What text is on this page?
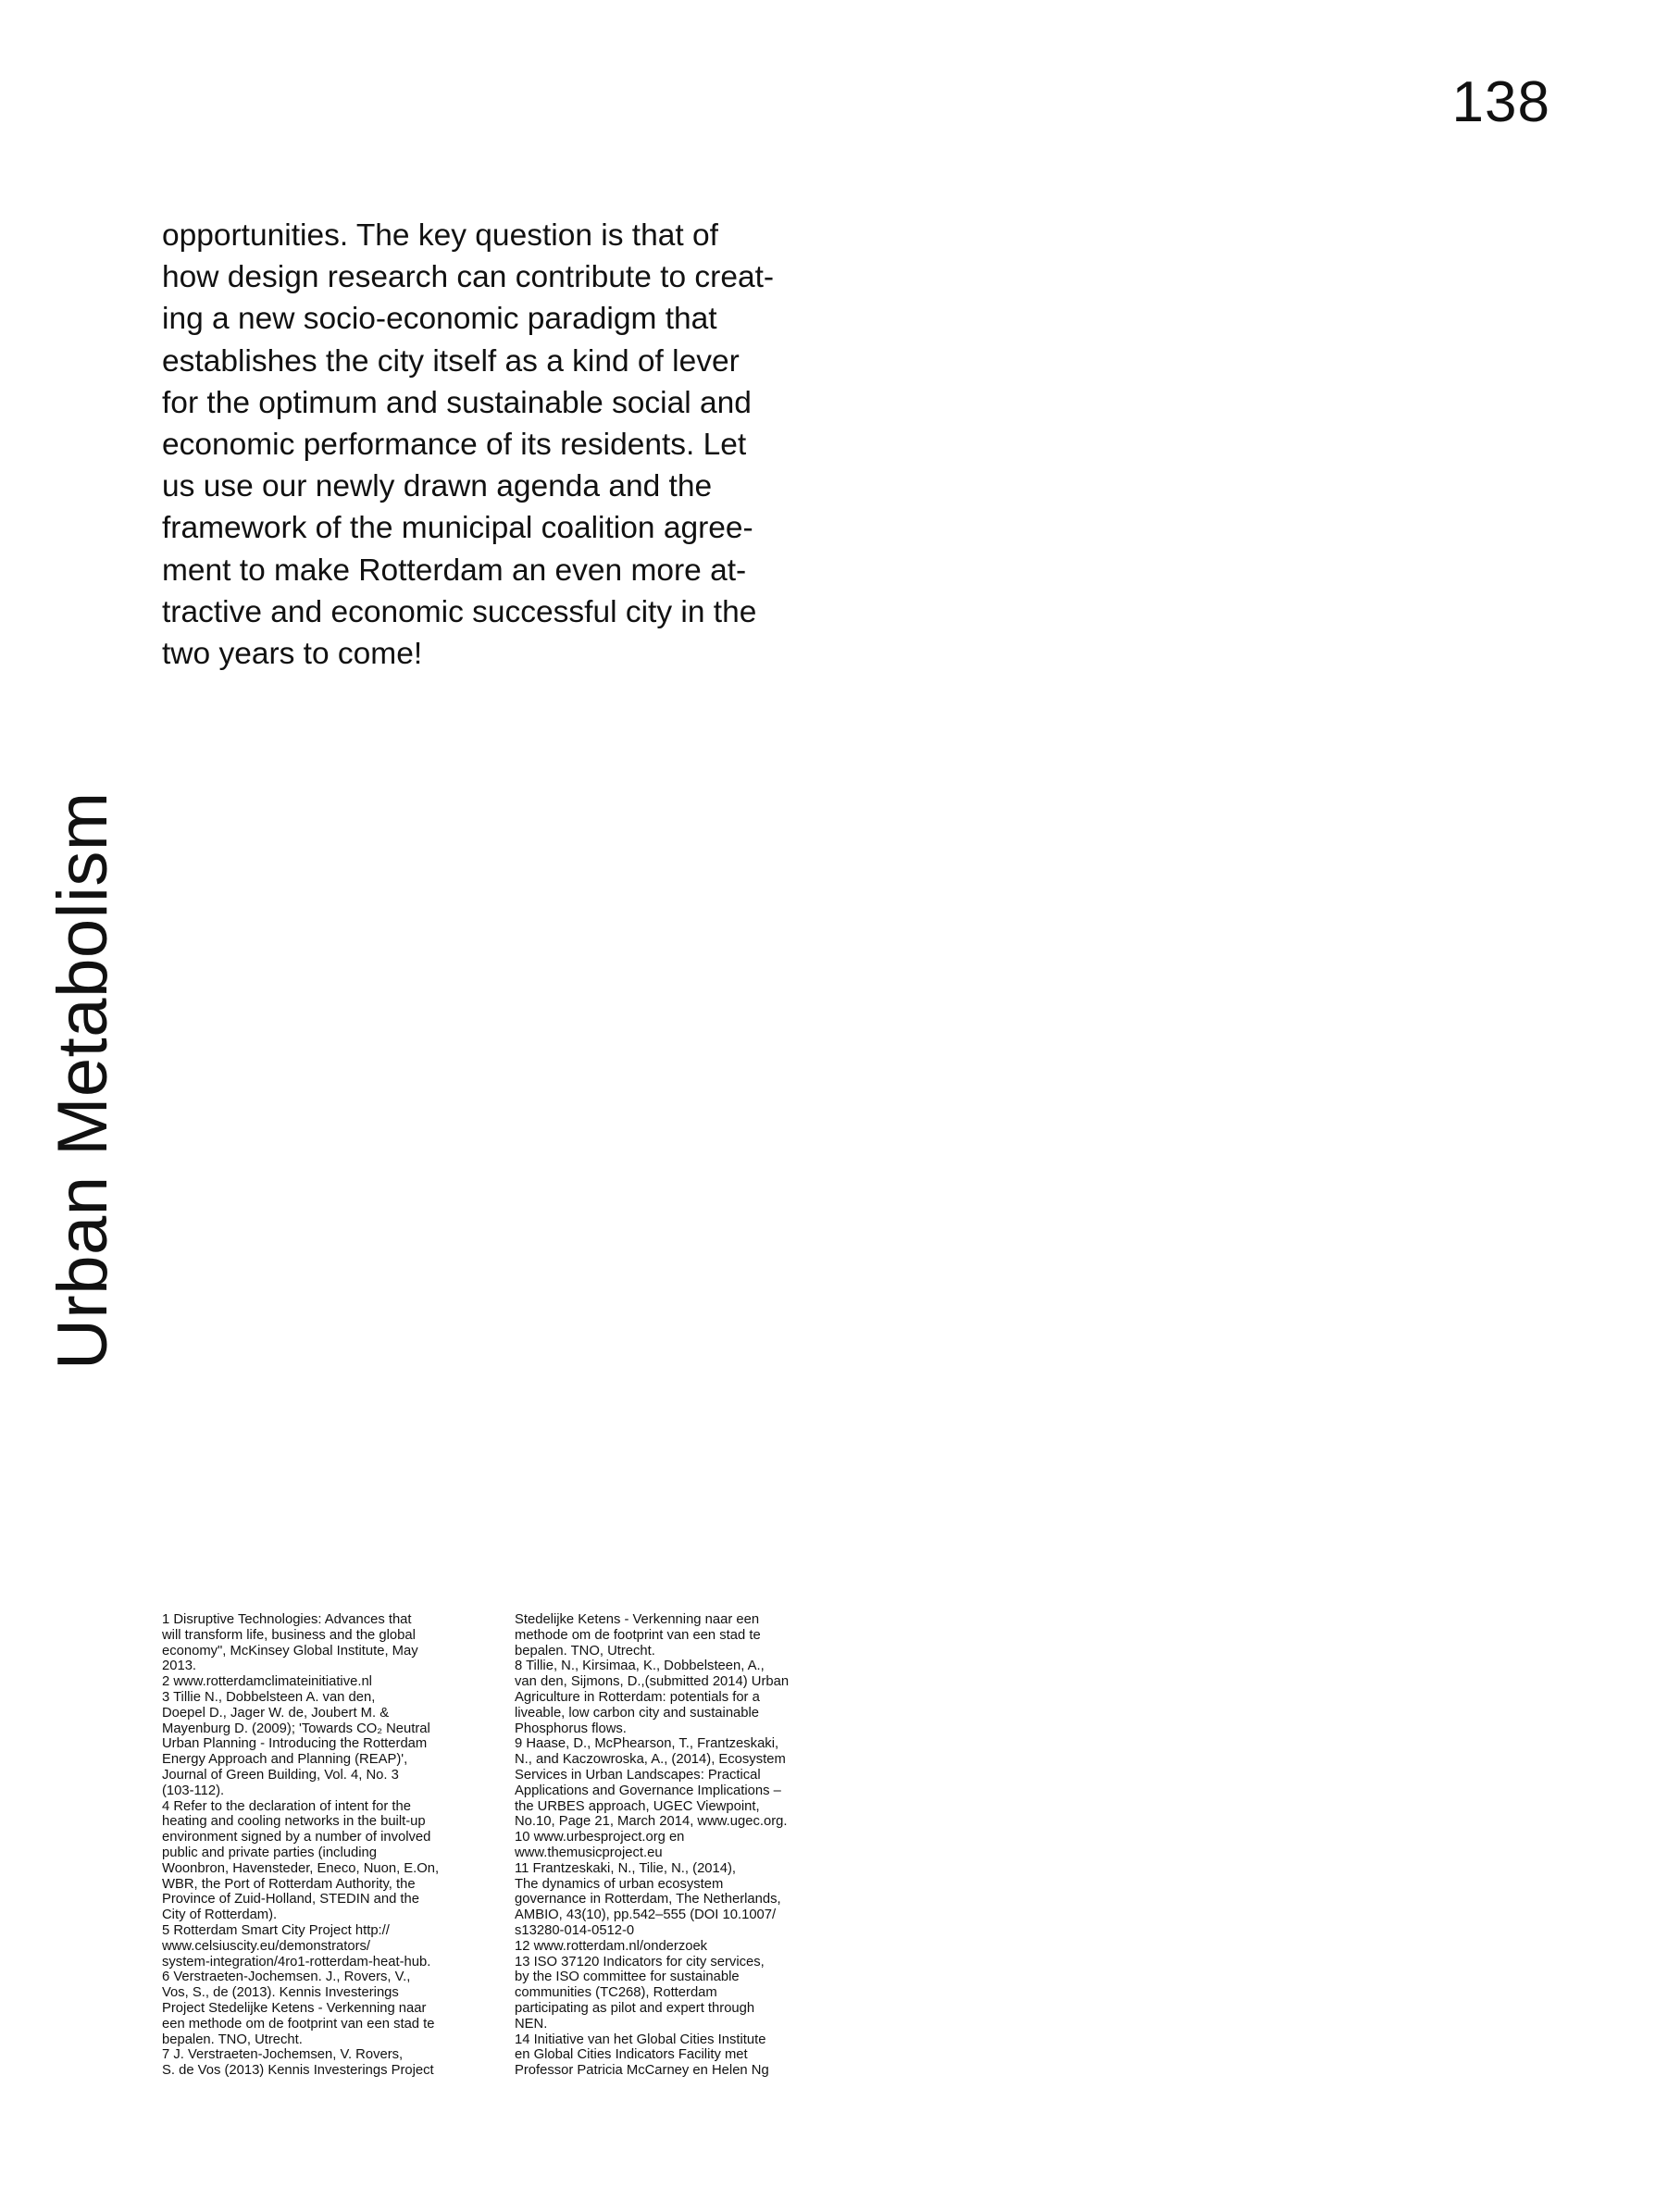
138
opportunities. The key question is that of
how design research can contribute to creat-
ing a new socio-economic paradigm that
establishes the city itself as a kind of lever
for the optimum and sustainable social and
economic performance of its residents. Let
us use our newly drawn agenda and the
framework of the municipal coalition agree-
ment to make Rotterdam an even more at-
tractive and economic successful city in the
two years to come!
Urban Metabolism
1 Disruptive Technologies: Advances that
will transform life, business and the global
economy", McKinsey Global Institute, May
2013.
2 www.rotterdamclimateinitiative.nl
3 Tillie N., Dobbelsteen A. van den,
Doepel D., Jager W. de, Joubert M. &
Mayenburg D. (2009); 'Towards CO₂ Neutral
Urban Planning - Introducing the Rotterdam
Energy Approach and Planning (REAP)',
Journal of Green Building, Vol. 4, No. 3
(103-112).
4 Refer to the declaration of intent for the
heating and cooling networks in the built-up
environment signed by a number of involved
public and private parties (including
Woonbron, Havensteder, Eneco, Nuon, E.On,
WBR, the Port of Rotterdam Authority, the
Province of Zuid-Holland, STEDIN and the
City of Rotterdam).
5 Rotterdam Smart City Project http://
www.celsiuscity.eu/demonstrators/
system-integration/4ro1-rotterdam-heat-hub.
6 Verstraeten-Jochemsen. J., Rovers, V.,
Vos, S., de (2013). Kennis Investerings
Project Stedelijke Ketens - Verkenning naar
een methode om de footprint van een stad te
bepalen. TNO, Utrecht.
7 J. Verstraeten-Jochemsen, V. Rovers,
S. de Vos (2013) Kennis Investerings Project
Stedelijke Ketens - Verkenning naar een
methode om de footprint van een stad te
bepalen. TNO, Utrecht.
8 Tillie, N., Kirsimaa, K., Dobbelsteen, A.,
van den, Sijmons, D.,(submitted 2014) Urban
Agriculture in Rotterdam: potentials for a
liveable, low carbon city and sustainable
Phosphorus flows.
9 Haase, D., McPhearson, T., Frantzeskaki,
N., and Kaczowroska, A., (2014), Ecosystem
Services in Urban Landscapes: Practical
Applications and Governance Implications –
the URBES approach, UGEC Viewpoint,
No.10, Page 21, March 2014, www.ugec.org.
10 www.urbesproject.org en
www.themusicproject.eu
11 Frantzeskaki, N., Tilie, N., (2014),
The dynamics of urban ecosystem
governance in Rotterdam, The Netherlands,
AMBIO, 43(10), pp.542–555 (DOI 10.1007/
s13280-014-0512-0
12 www.rotterdam.nl/onderzoek
13 ISO 37120 Indicators for city services,
by the ISO committee for sustainable
communities (TC268), Rotterdam
participating as pilot and expert through
NEN.
14 Initiative van het Global Cities Institute
en Global Cities Indicators Facility met
Professor Patricia McCarney en Helen Ng
